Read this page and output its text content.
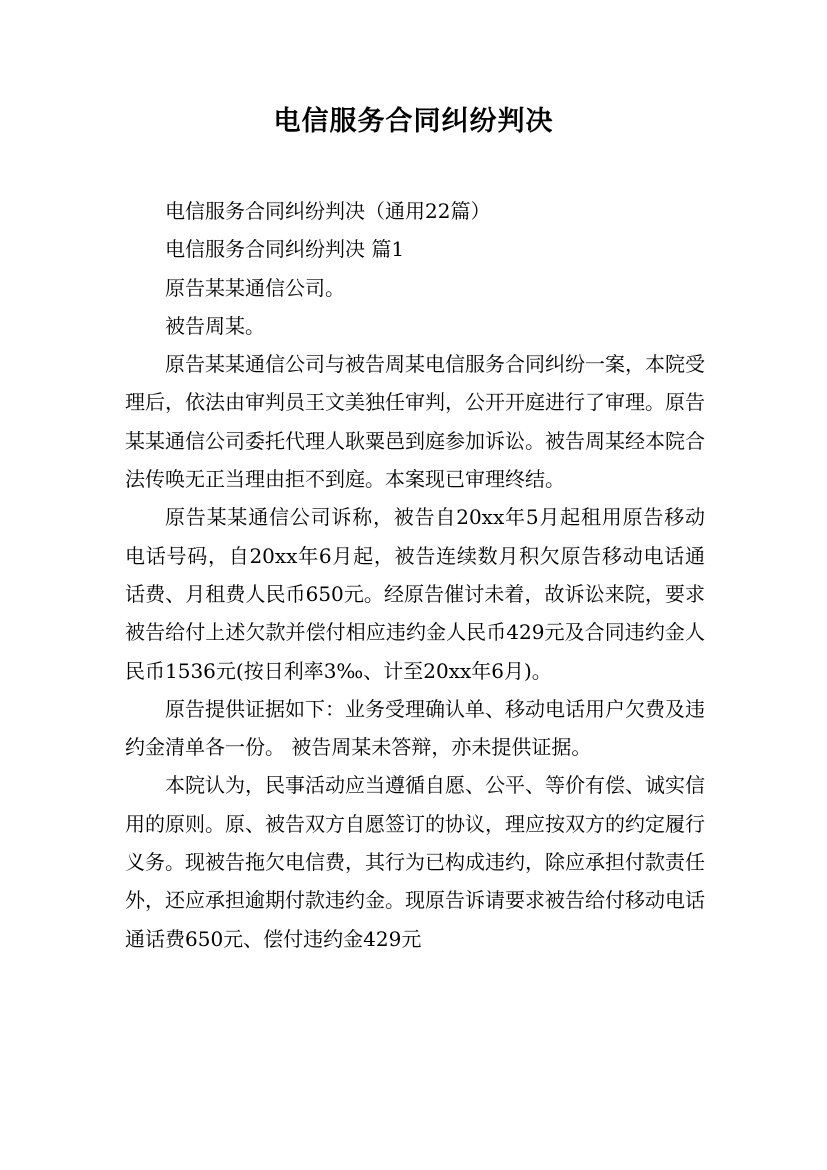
电信服务合同纠纷判决

电信服务合同纠纷判决（通用22篇）

电信服务合同纠纷判决 篇1

原告某某通信公司。

被告周某。

原告某某通信公司与被告周某电信服务合同纠纷一案，本院受理后，依法由审判员王文美独任审判，公开开庭进行了审理。原告某某通信公司委托代理人耿粟邑到庭参加诉讼。被告周某经本院合法传唤无正当理由拒不到庭。本案现已审理终结。

原告某某通信公司诉称，被告自20xx年5月起租用原告移动电话号码，自20xx年6月起，被告连续数月积欠原告移动电话通话费、月租费人民币650元。经原告催讨未着，故诉讼来院，要求被告给付上述欠款并偿付相应违约金人民币429元及合同违约金人民币1536元(按日利率3‰、计至20xx年6月)。

原告提供证据如下：业务受理确认单、移动电话用户欠费及违约金清单各一份。 被告周某未答辩，亦未提供证据。

本院认为，民事活动应当遵循自愿、公平、等价有偿、诚实信用的原则。原、被告双方自愿签订的协议，理应按双方的约定履行义务。现被告拖欠电信费，其行为已构成违约，除应承担付款责任外，还应承担逾期付款违约金。现原告诉请要求被告给付移动电话通话费650元、偿付违约金429元
